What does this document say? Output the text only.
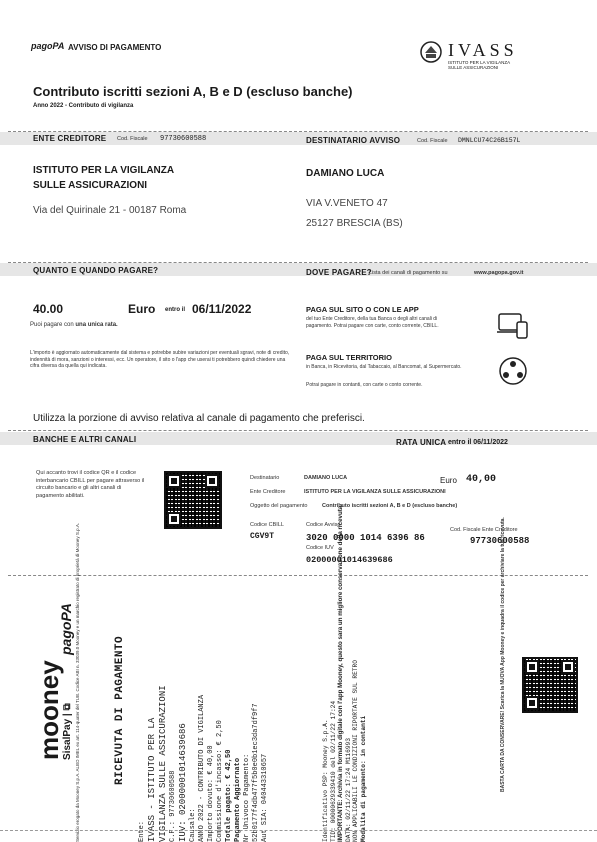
pagoPA AVVISO DI PAGAMENTO	IVASS
ISTITUTO PER LA VIGILANZA
SULLE ASSICURAZIONI
Contributo iscritti sezioni A, B e D (escluso banche)
Anno 2022 - Contributo di vigilanza
ENTE CREDITORE Cod. Fiscale 97730600588	DESTINATARIO AVVISO	Cod. Fiscale DMNLCU74C26B157L
ISTITUTO PER LA VIGILANZA
SULLE ASSICURAZIONI
Via del Quirinale 21 - 00187 Roma
DAMIANO LUCA
VIA V.VENETO 47
25127 BRESCIA (BS)
QUANTO E QUANDO PAGARE?	DOVE PAGARE?
Lista dei canali di pagamento su	www.pagopa.gov.it
40.00	Euro entro il 06/11/2022
Puoi pagare con una unica rata.
L'importo è aggiornato automaticamente dal sistema e potrebbe subire variazioni per eventuali sgravi, note di credito, indennità di mora, sanzioni o interessi, ecc. Un operatore, il sito o l'app che userai ti potrebbero quindi chiedere una cifra diversa da quella qui indicata.
PAGA SUL SITO O CON LE APP
del tuo Ente Creditore, della tua Banca o degli altri canali di pagamento. Potrai pagare con carte, conto corrente, CBILL.
PAGA SUL TERRITORIO
in Banca, in Ricevitoria, dal Tabaccaio, al Bancomat, al Supermercato.
Potrai pagare in contanti, con carte o conto corrente.
Utilizza la porzione di avviso relativa al canale di pagamento che preferisci.
BANCHE E ALTRI CANALI	RATA UNICA entro il 06/11/2022
Qui accanto trovi il codice QR e il codice interbancario CBILL per pagare attraverso il circuito bancario e gli altri canali di pagamento abilitati.
Destinatario	DAMIANO LUCA	Euro 40,00
Ente Creditore	ISTITUTO PER LA VIGILANZA SULLE ASSICURAZIONI
Oggetto del pagamento	Contributo iscritti sezioni A, B e D (escluso banche)
Codice CBILL
CGV9T
Codice Avviso
3020 0000 1014 6396 86
Codice IUV
02000001014639686
Cod. Fiscale Ente Creditore
97730600588
mooney
SisalPay | ⧉
pagoPA Servizio erogato da Mooney S.p.A. ALBO IMEL ex art. 114-quater del TUB. Codice ABI n. 33039.0 Mooney e un marchio registrato di proprietà di Mooney S.p.A.	RICEVUTA DI PAGAMENTO
Ente: IVASS - ISTITUTO PER LA VIGILANZA SULLE ASSICURAZIONI C.F.: 97730600588 IUV: 02000001014639686 Causale: ANNO 2022 - CONTRIBUTO DI VIGILANZA Importo dovuto: € 40,00 Commissione d'incasso: € 2,50 Totale pagato: € 42,50 Pagamento Aggiornato Nr Univoco Pagamento: 52b0177f4db477f5b0e0b1ec3da7df9f7 Aut SIA: 040443310657	Identificativo PSP: Mooney S.p.A. TID: 00000629339410 del 02/11/22 17:24 IMPORTANTE: Archivia in formato digitale con l'app Mooney, questo sara un migliore conservazione della ricevuta. DATA: 02/11/22 17:24 M116993 NON APPLICABILI LE CONDIZIONI RIPORTATE SUL RETRO Modalita di pagamento: in contanti	BASTA CARTA DA CONSERVARE! Scarica la NUOVA App Mooney e inquadra il codice per archiviare la tua ricevuta.
